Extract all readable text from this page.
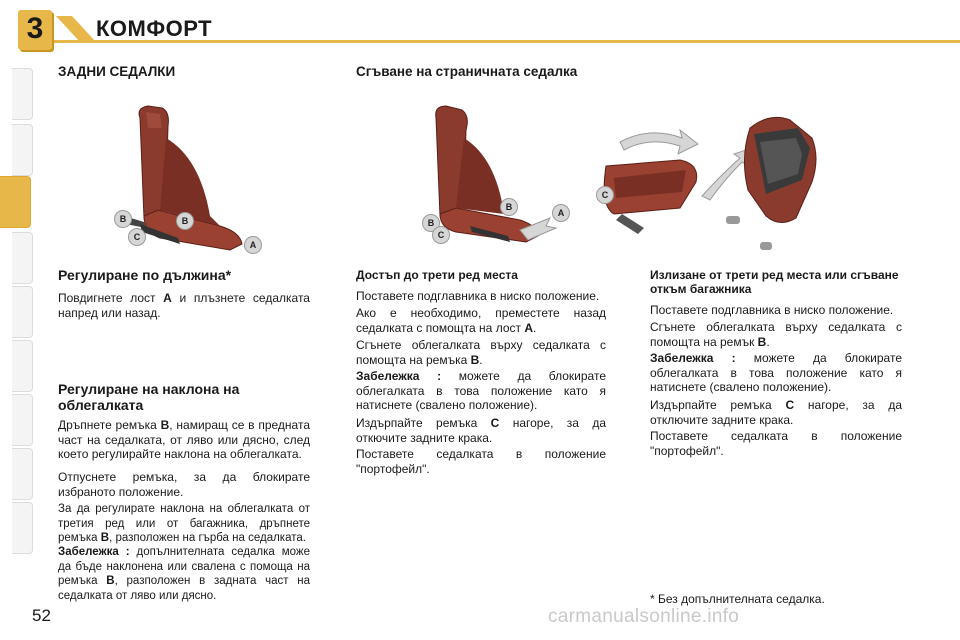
3	КОМФОРТ
ЗАДНИ СЕДАЛКИ
B
C
B
A
Регулиране по дължина*

Повдигнете лост A и плъзнете седалката напред или назад.

Регулиране на наклона на облегалката

Дръпнете ремъка B, намиращ се в предната част на седалката, от ляво или дясно, след което регулирайте наклона на облегалката.

Отпуснете ремъка, за да блокирате избраното положение.

За да регулирате наклона на облегалката от третия ред или от багажника, дръпнете ремъка B, разположен на гърба на седалката.

Забележка : допълнителната седалка може да бъде наклонена или свалена с помоща на ремъка B, разположен в задната част на седалката от ляво или дясно.

Сгъване на страничната седалка
B
C
B
A
C
Достъп до трети ред места

Поставете подглавника в ниско положение.

Ако е необходимо, преместете назад седалката с помощта на лост A.

Сгънете облегалката върху седалката с помощта на ремъка B.

Забележка : можете да блокирате облегалката в това положение като я натиснете (свалено положение).

Издърпайте ремъка C нагоре, за да откючите задните крака.

Поставете седалката в положение "портофейл".

Излизане от трети ред места или сгъване откъм багажника

Поставете подглавника в ниско положение.

Сгънете облегалката върху седалката с помощта на ремък B.

Забележка : можете да блокирате облегалката в това положение като я натиснете (свалено положение).

Издърпайте ремъка C нагоре, за да отключите задните крака.

Поставете седалката в положение "портофейл".

* Без допълнителната седалка.
52	carmanualsonline.info
